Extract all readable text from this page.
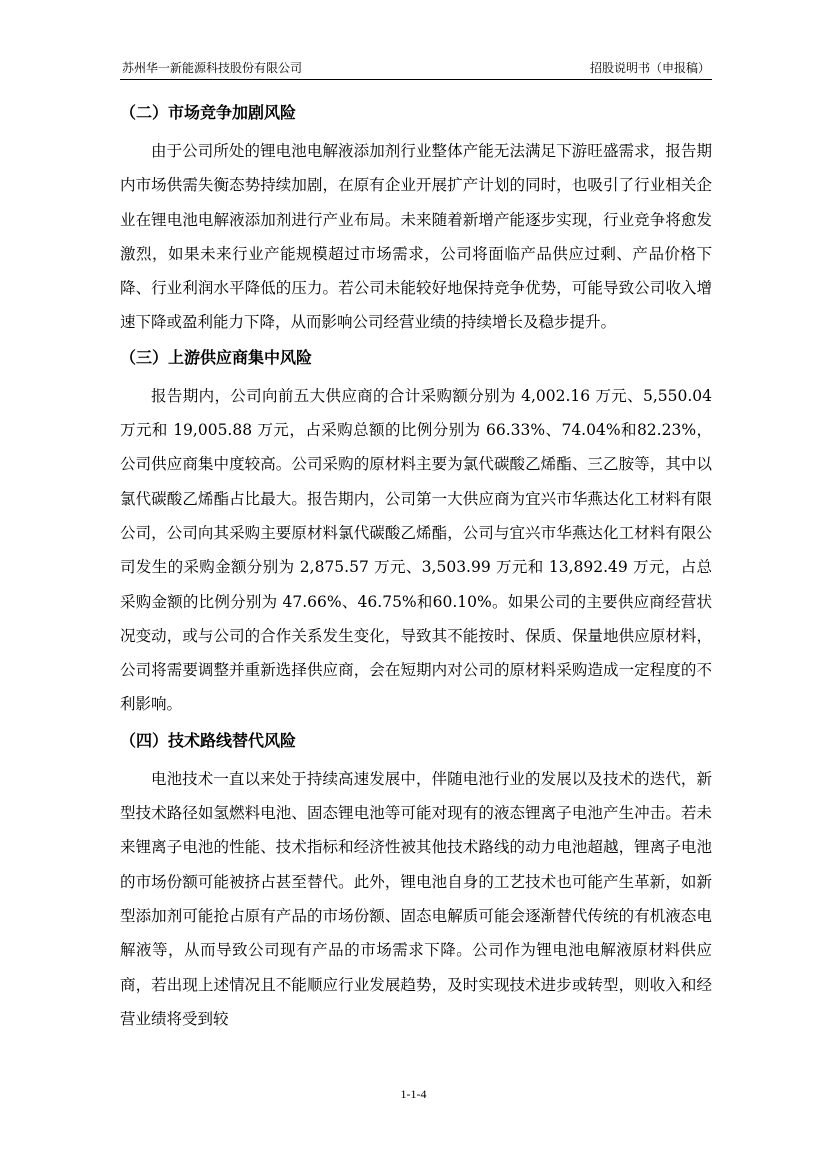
苏州华一新能源科技股份有限公司	招股说明书（申报稿）
（二）市场竞争加剧风险

由于公司所处的锂电池电解液添加剂行业整体产能无法满足下游旺盛需求，报告期内市场供需失衡态势持续加剧，在原有企业开展扩产计划的同时，也吸引了行业相关企业在锂电池电解液添加剂进行产业布局。未来随着新增产能逐步实现，行业竞争将愈发激烈，如果未来行业产能规模超过市场需求，公司将面临产品供应过剩、产品价格下降、行业利润水平降低的压力。若公司未能较好地保持竞争优势，可能导致公司收入增速下降或盈利能力下降，从而影响公司经营业绩的持续增长及稳步提升。

（三）上游供应商集中风险

报告期内，公司向前五大供应商的合计采购额分别为 4,002.16 万元、5,550.04 万元和 19,005.88 万元，占采购总额的比例分别为 66.33%、74.04%和82.23%，公司供应商集中度较高。公司采购的原材料主要为氯代碳酸乙烯酯、三乙胺等，其中以氯代碳酸乙烯酯占比最大。报告期内，公司第一大供应商为宜兴市华燕达化工材料有限公司，公司向其采购主要原材料氯代碳酸乙烯酯，公司与宜兴市华燕达化工材料有限公司发生的采购金额分别为 2,875.57 万元、3,503.99 万元和 13,892.49 万元，占总采购金额的比例分别为 47.66%、46.75%和60.10%。如果公司的主要供应商经营状况变动，或与公司的合作关系发生变化，导致其不能按时、保质、保量地供应原材料，公司将需要调整并重新选择供应商，会在短期内对公司的原材料采购造成一定程度的不利影响。

（四）技术路线替代风险

电池技术一直以来处于持续高速发展中，伴随电池行业的发展以及技术的迭代，新型技术路径如氢燃料电池、固态锂电池等可能对现有的液态锂离子电池产生冲击。若未来锂离子电池的性能、技术指标和经济性被其他技术路线的动力电池超越，锂离子电池的市场份额可能被挤占甚至替代。此外，锂电池自身的工艺技术也可能产生革新，如新型添加剂可能抢占原有产品的市场份额、固态电解质可能会逐渐替代传统的有机液态电解液等，从而导致公司现有产品的市场需求下降。公司作为锂电池电解液原材料供应商，若出现上述情况且不能顺应行业发展趋势，及时实现技术进步或转型，则收入和经营业绩将受到较

1-1-4
